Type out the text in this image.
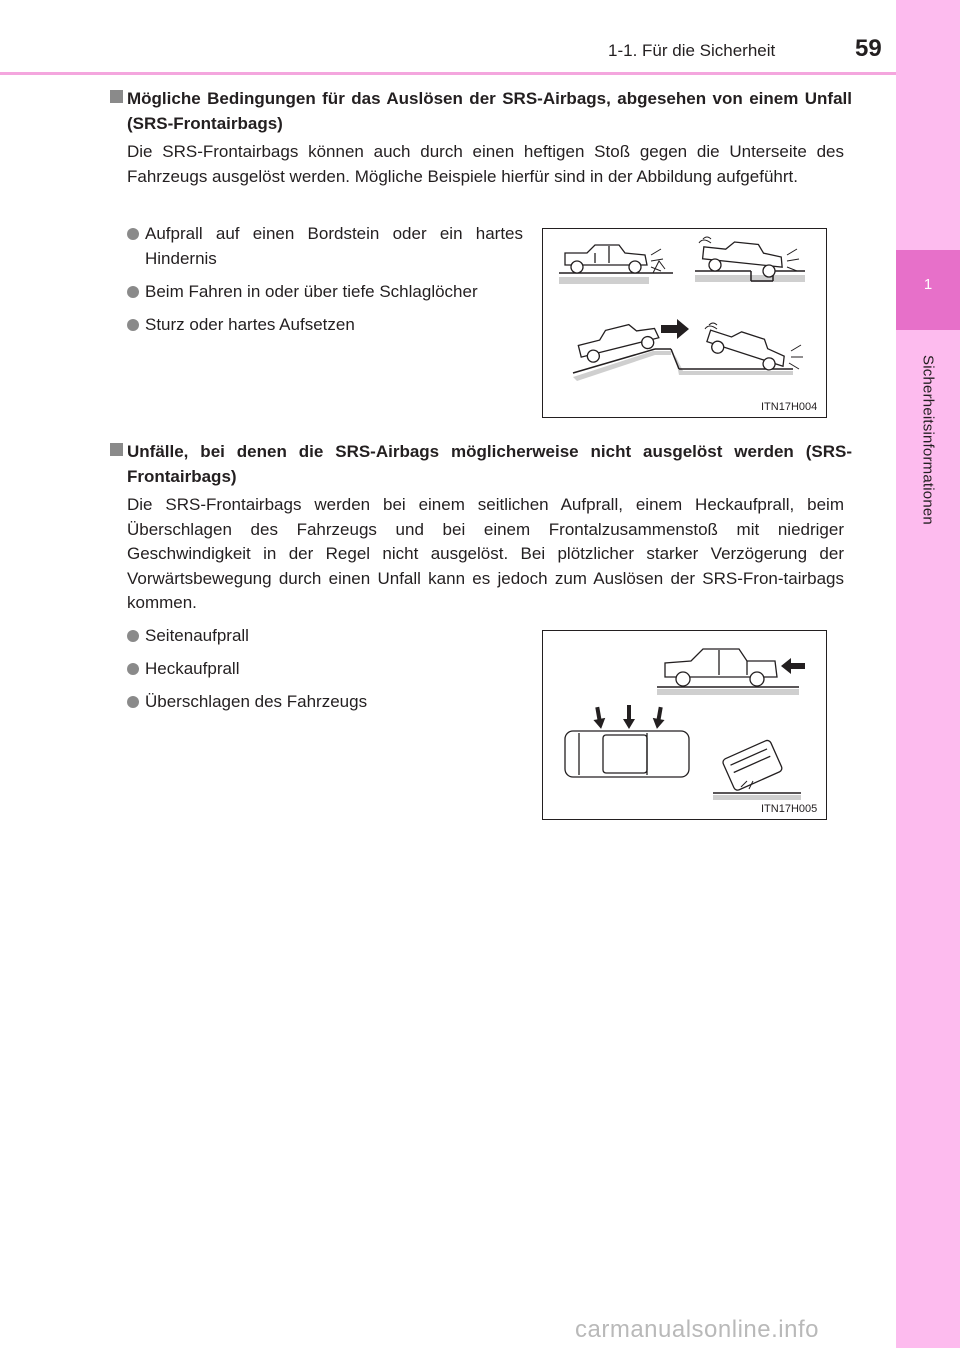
1-1. Für die Sicherheit	59
1
Sicherheitsinformationen
Mögliche Bedingungen für das Auslösen der SRS-Airbags, abgesehen von einem Unfall (SRS-Frontairbags)
Die SRS-Frontairbags können auch durch einen heftigen Stoß gegen die Unterseite des Fahrzeugs ausgelöst werden. Mögliche Beispiele hierfür sind in der Abbildung aufgeführt.
Aufprall auf einen Bordstein oder ein hartes Hindernis
Beim Fahren in oder über tiefe Schlaglöcher
Sturz oder hartes Aufsetzen
ITN17H004
Unfälle, bei denen die SRS-Airbags möglicherweise nicht ausgelöst werden (SRS-Frontairbags)
Die SRS-Frontairbags werden bei einem seitlichen Aufprall, einem Heckaufprall, beim Überschlagen des Fahrzeugs und bei einem Frontalzusammenstoß mit niedriger Geschwindigkeit in der Regel nicht ausgelöst. Bei plötzlicher starker Verzögerung der Vorwärtsbewegung durch einen Unfall kann es jedoch zum Auslösen der SRS-Fron-tairbags kommen.
Seitenaufprall
Heckaufprall
Überschlagen des Fahrzeugs
ITN17H005
carmanualsonline.info
